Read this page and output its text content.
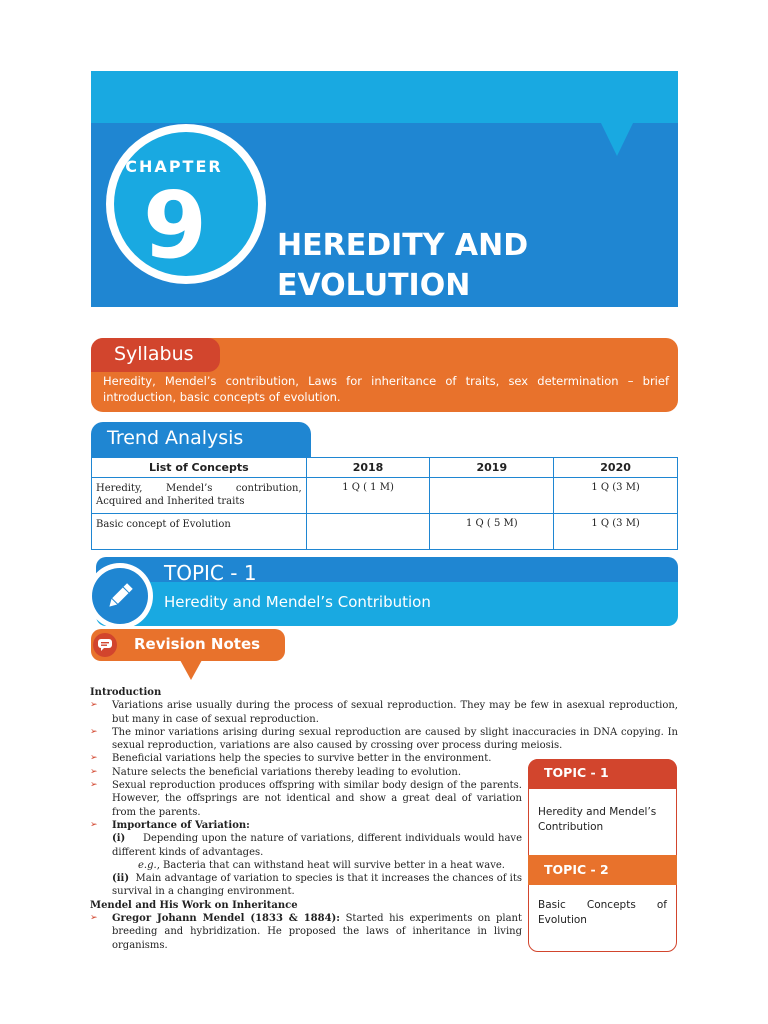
CHAPTER
9	HEREDITY AND
EVOLUTION
Syllabus
Heredity, Mendel’s contribution, Laws for inheritance of traits, sex determination – brief introduction, basic concepts of evolution.
Trend Analysis
List of Concepts	2018	2019	2020
Heredity, Mendel’s contribution, Acquired and Inherited traits	1 Q ( 1 M)		1 Q (3 M)
Basic concept of Evolution		1 Q ( 5 M)	1 Q (3 M)
TOPIC - 1
Heredity and Mendel’s Contribution
Revision Notes
Introduction
➢ Variations arise usually during the process of sexual reproduction. They may be few in asexual reproduction, but many in case of sexual reproduction.
➢ The minor variations arising during sexual reproduction are caused by slight inaccuracies in DNA copying. In sexual reproduction, variations are also caused by crossing over process during meiosis.
➢ Beneficial variations help the species to survive better in the environment.
➢ Nature selects the beneficial variations thereby leading to evolution.
➢ Sexual reproduction produces offspring with similar body design of the parents. However, the offsprings are not identical and show a great deal of variation from the parents.
➢ Importance of Variation:
(i) Depending upon the nature of variations, different individuals would have different kinds of advantages.
e.g., Bacteria that can withstand heat will survive better in a heat wave.
(ii) Main advantage of variation to species is that it increases the chances of its survival in a changing environment.
Mendel and His Work on Inheritance
➢ Gregor Johann Mendel (1833 & 1884): Started his experiments on plant breeding and hybridization. He proposed the laws of inheritance in living organisms.
TOPIC - 1
Heredity and Mendel’s
Contribution
TOPIC - 2
Basic Concepts of
Evolution
